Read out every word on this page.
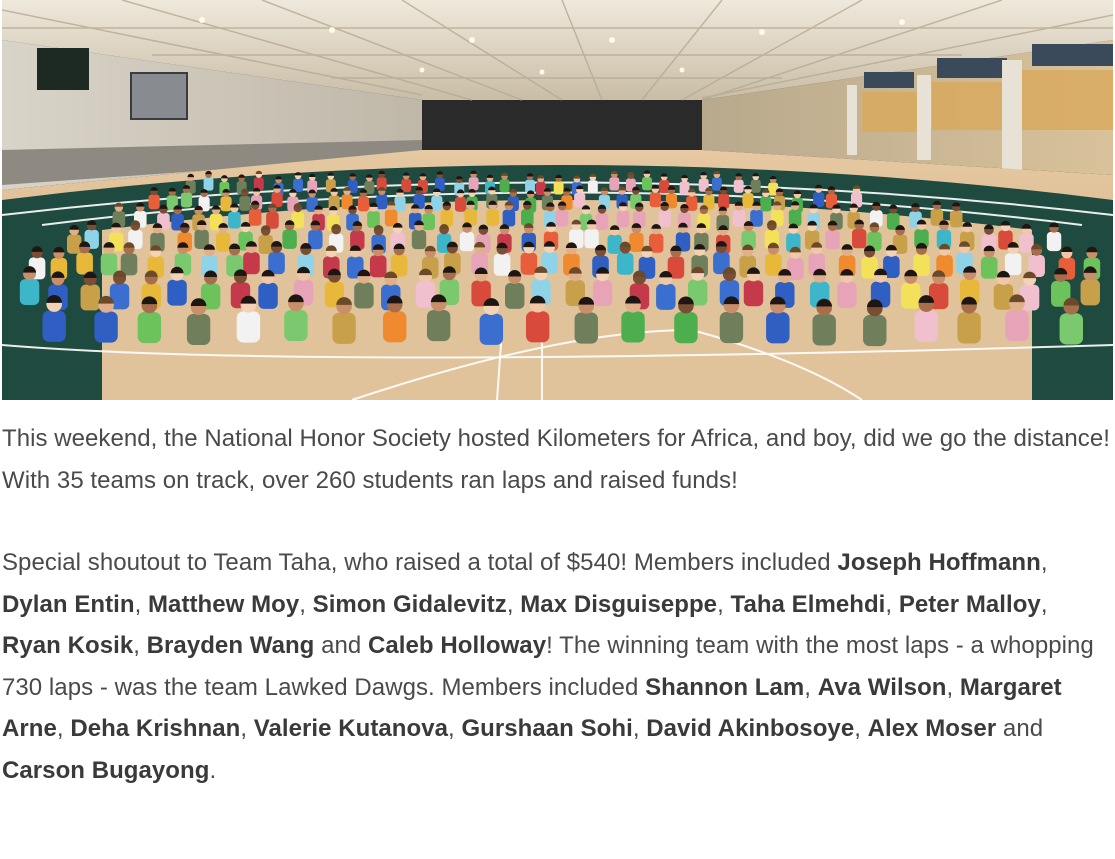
This weekend, the National Honor Society hosted Kilometers for Africa, and boy, did we go the distance! With 35 teams on track, over 260 students ran laps and raised funds!

Special shoutout to Team Taha, who raised a total of $540! Members included Joseph Hoffmann, Dylan Entin, Matthew Moy, Simon Gidalevitz, Max Disguiseppe, Taha Elmehdi, Peter Malloy, Ryan Kosik, Brayden Wang and Caleb Holloway! The winning team with the most laps - a whopping 730 laps - was the team Lawked Dawgs. Members included Shannon Lam, Ava Wilson, Margaret Arne, Deha Krishnan, Valerie Kutanova, Gurshaan Sohi, David Akinbosoye, Alex Moser and Carson Bugayong.
